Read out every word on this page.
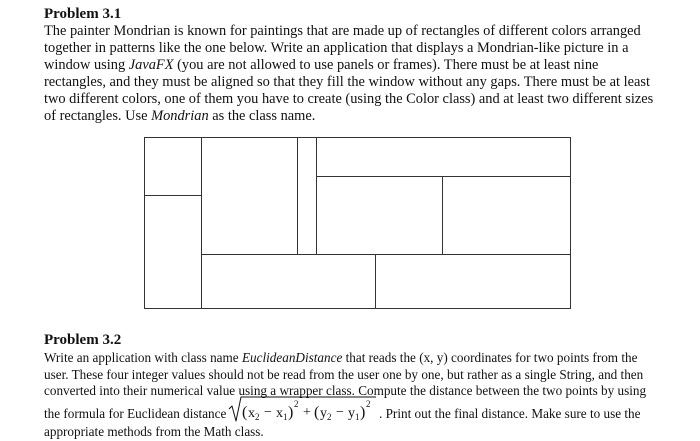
Problem 3.1
The painter Mondrian is known for paintings that are made up of rectangles of different colors arranged
together in patterns like the one below. Write an application that displays a Mondrian-like picture in a
window using JavaFX (you are not allowed to use panels or frames). There must be at least nine
rectangles, and they must be aligned so that they fill the window without any gaps. There must be at least
two different colors, one of them you have to create (using the Color class) and at least two different sizes
of rectangles. Use Mondrian as the class name.
Problem 3.2
Write an application with class name EuclideanDistance that reads the (x, y) coordinates for two points from the
user. These four integer values should not be read from the user one by one, but rather as a single String, and then
converted into their numerical value using a wrapper class. Compute the distance between the two points by using
the formula for Euclidean distance ( x 2 − x 1 ) 2
+ ( y 2 − y 1 ) 2
. Print out the final distance. Make sure to use the
appropriate methods from the Math class.
